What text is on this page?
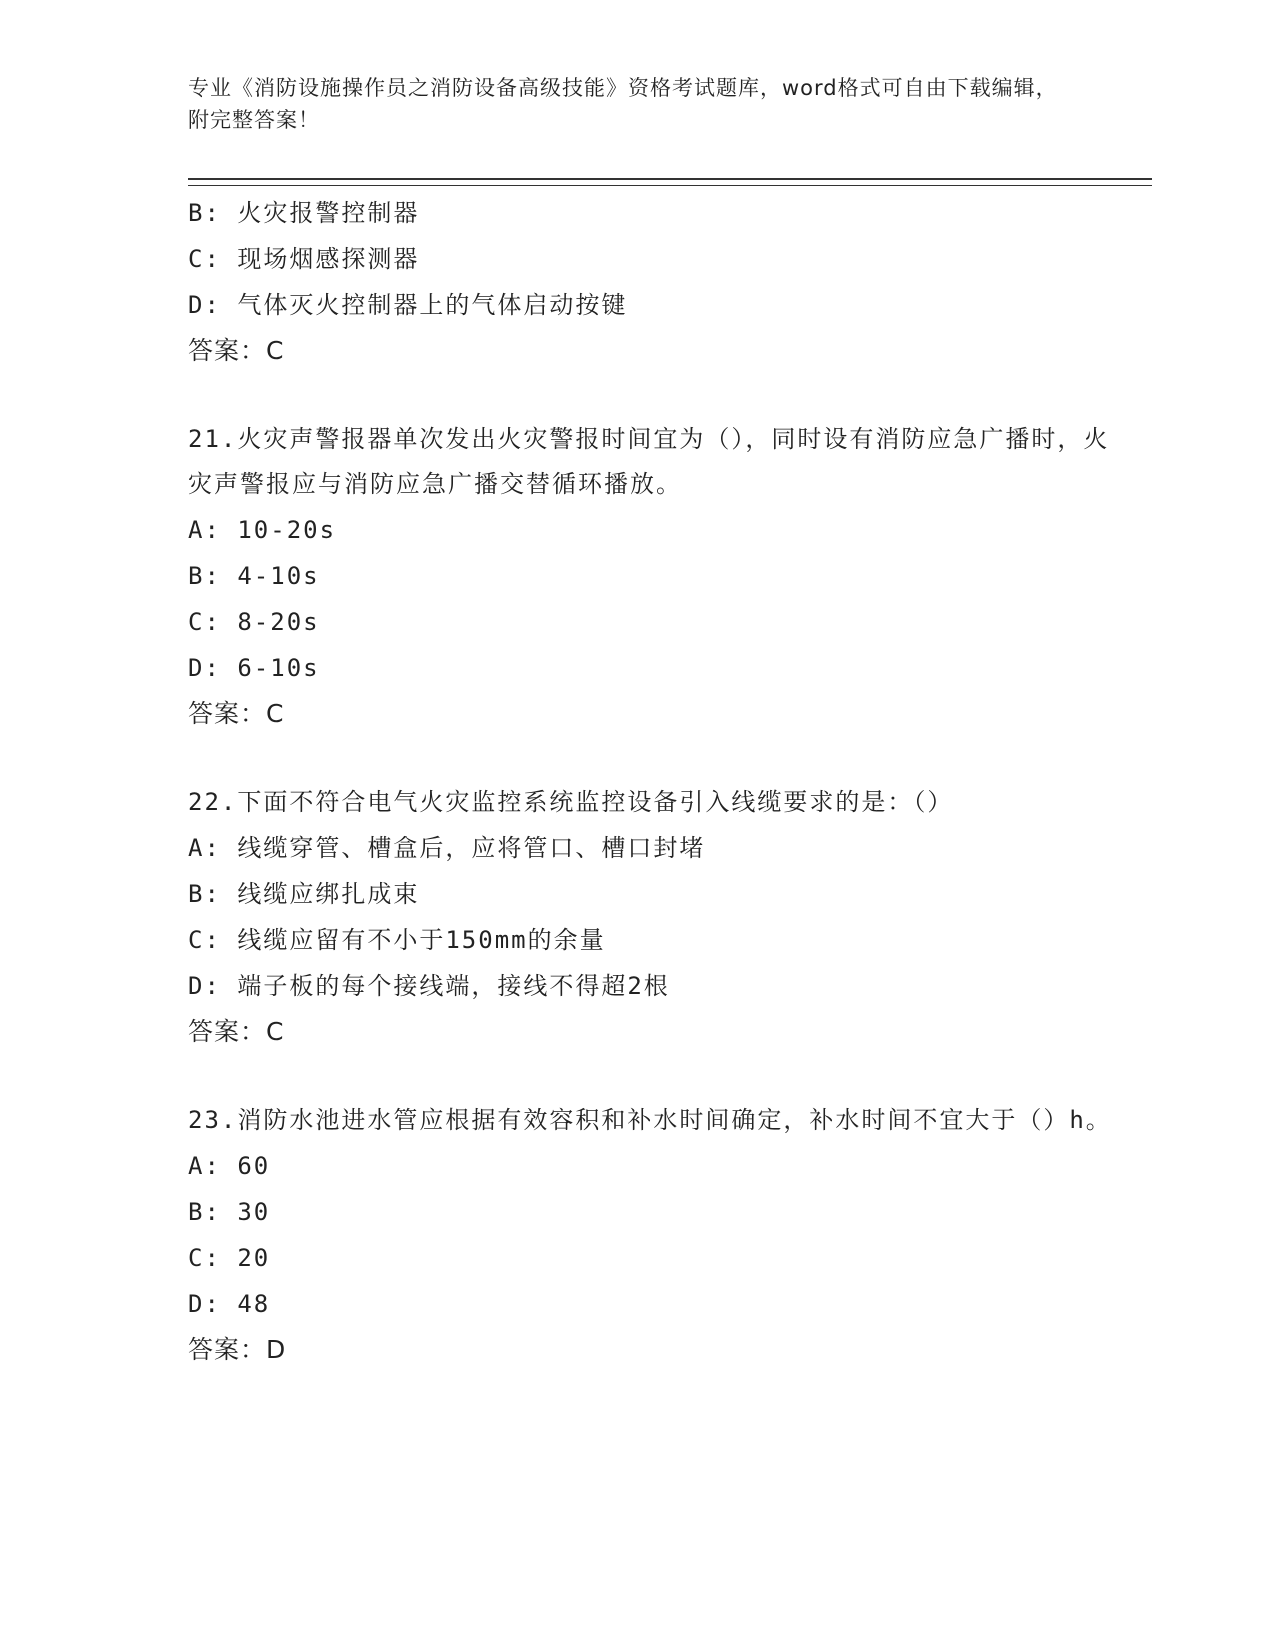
专业《消防设施操作员之消防设备高级技能》资格考试题库，word格式可自由下载编辑，附完整答案！
B: 火灾报警控制器
C: 现场烟感探测器
D: 气体灭火控制器上的气体启动按键
答案：C
21.火灾声警报器单次发出火灾警报时间宜为（），同时设有消防应急广播时，火灾声警报应与消防应急广播交替循环播放。
A: 10-20s
B: 4-10s
C: 8-20s
D: 6-10s
答案：C
22.下面不符合电气火灾监控系统监控设备引入线缆要求的是：（）
A: 线缆穿管、槽盒后，应将管口、槽口封堵
B: 线缆应绑扎成束
C: 线缆应留有不小于150mm的余量
D: 端子板的每个接线端，接线不得超2根
答案：C
23.消防水池进水管应根据有效容积和补水时间确定，补水时间不宜大于（）h。
A: 60
B: 30
C: 20
D: 48
答案：D
